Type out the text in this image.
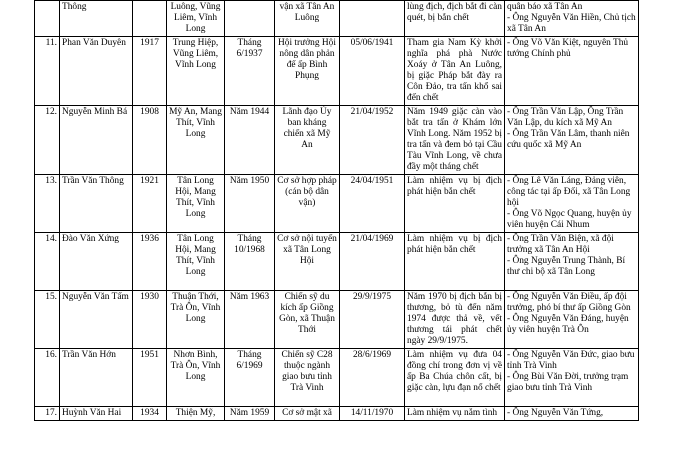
	Thông		Luông, Vũng Liêm, Vĩnh Long		vận xã Tân An Luông		lùng địch, địch bắt đi càn quét, bị bắn chết	quân báo xã Tân An
- Ông Nguyễn Văn Hiền, Chủ tịch xã Tân An
11.	Phan Văn Duyên	1917	Trung Hiệp, Vũng Liêm, Vĩnh Long	Tháng 6/1937	Hội trưởng Hội nông dân phản đế ấp Bình Phụng	05/06/1941	Tham gia Nam Kỳ khởi nghĩa phá phà Nước Xoáy ở Tân An Luông, bị giặc Pháp bắt đày ra Côn Đảo, tra tấn khổ sai đến chết	- Ông Võ Văn Kiệt, nguyên Thủ tướng Chính phủ
12.	Nguyễn Minh Bá	1908	Mỹ An, Mang Thít, Vĩnh Long	Năm 1944	Lãnh đạo Ủy ban kháng chiến xã Mỹ An	21/04/1952	Năm 1949 giặc càn vào bắt tra tấn ở Khám lớn Vĩnh Long. Năm 1952 bị tra tấn và đem bỏ tại Cầu Tàu Vĩnh Long, về chưa đầy một tháng chết	- Ông Trần Văn Lập, Ông Trần Văn Lập, du kích xã Mỹ An
- Ông Trần Văn Lâm, thanh niên cứu quốc xã Mỹ An
13.	Trần Văn Thông	1921	Tân Long Hội, Mang Thít, Vĩnh Long	Năm 1950	Cơ sở hợp pháp (cán bộ dân vận)	24/04/1951	Làm nhiệm vụ bị địch phát hiện bắn chết	- Ông Lê Văn Láng, Đảng viên, công tác tại ấp Đối, xã Tân Long hội
- Ông Võ Ngọc Quang, huyện ủy viên huyện Cái Nhum
14.	Đào Văn Xứng	1936	Tân Long Hội, Mang Thít, Vĩnh Long	Tháng 10/1968	Cơ sở nội tuyến xã Tân Long Hội	21/04/1969	Làm nhiệm vụ bị địch phát hiện bắn chết	- Ông Trần Văn Biện, xã đội trưởng xã Tân An Hội
- Ông Nguyễn Trung Thành, Bí thư chi bộ xã Tân Long
15.	Nguyễn Văn Tấm	1930	Thuận Thới, Trà Ôn, Vĩnh Long	Năm 1963	Chiến sỹ du kích ấp Giồng Gòn, xã Thuận Thới	29/9/1975	Năm 1970 bị địch bắn bị thương, bỏ tù đến năm 1974 được thả về, vết thương tái phát chết ngày 29/9/1975.	- Ông Nguyễn Văn Điều, ấp đội trưởng, phó bí thư ấp Giồng Gòn
- Ông Nguyễn Văn Đáng, huyện ủy viên huyện Trà Ôn
16.	Trần Văn Hớn	1951	Nhơn Bình, Trà Ôn, Vĩnh Long	Tháng 6/1969	Chiến sỹ C28 thuộc ngành giao bưu tỉnh Trà Vinh	28/6/1969	Làm nhiệm vụ đưa 04 đồng chí trong đơn vị về ấp Ba Chúa chôn cất, bị giặc càn, lựu đạn nổ chết	- Ông Nguyễn Văn Đức, giao bưu tỉnh Trà Vinh
- Ông Bùi Văn Đời, trưởng trạm giao bưu tỉnh Trà Vinh
17.	Huỳnh Văn Hai	1934	Thiện Mỹ,	Năm 1959	Cơ sở mật xã	14/11/1970	Làm nhiệm vụ nắm tình	- Ông Nguyễn Văn Tứng,
